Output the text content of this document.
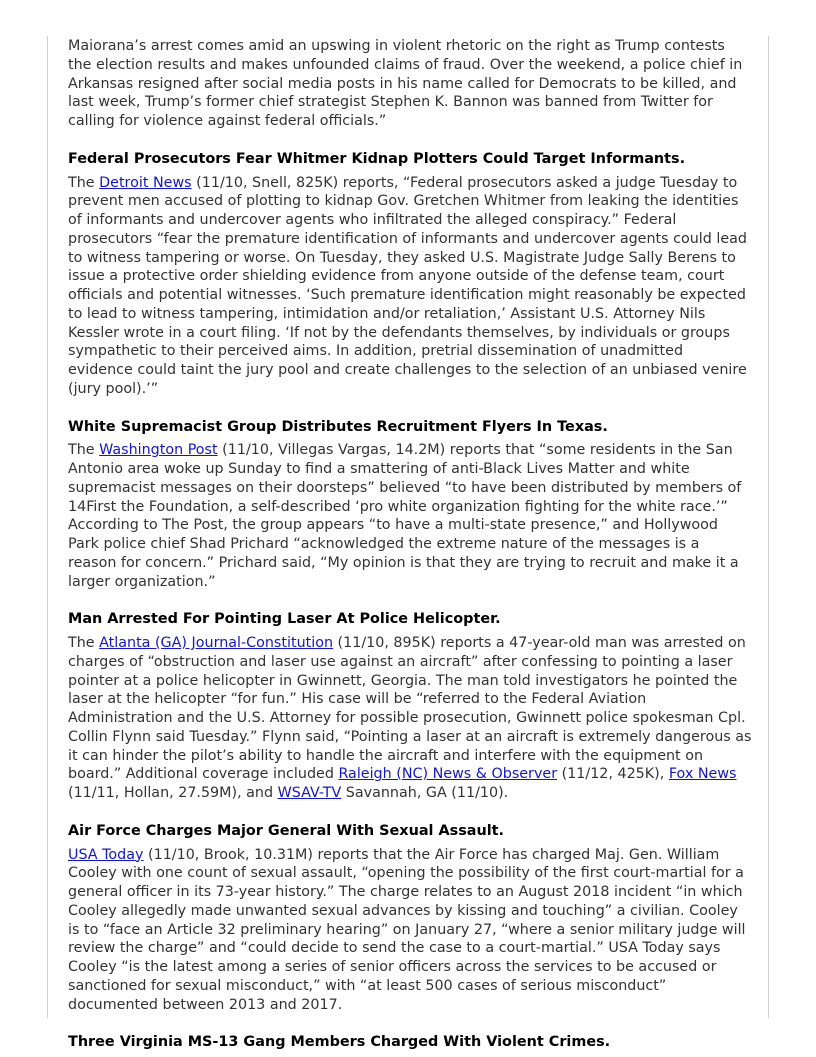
Maiorana’s arrest comes amid an upswing in violent rhetoric on the right as Trump contests the election results and makes unfounded claims of fraud. Over the weekend, a police chief in Arkansas resigned after social media posts in his name called for Democrats to be killed, and last week, Trump’s former chief strategist Stephen K. Bannon was banned from Twitter for calling for violence against federal officials.”

Federal Prosecutors Fear Whitmer Kidnap Plotters Could Target Informants.

The Detroit News (11/10, Snell, 825K) reports, “Federal prosecutors asked a judge Tuesday to prevent men accused of plotting to kidnap Gov. Gretchen Whitmer from leaking the identities of informants and undercover agents who infiltrated the alleged conspiracy.” Federal prosecutors “fear the premature identification of informants and undercover agents could lead to witness tampering or worse. On Tuesday, they asked U.S. Magistrate Judge Sally Berens to issue a protective order shielding evidence from anyone outside of the defense team, court officials and potential witnesses. ‘Such premature identification might reasonably be expected to lead to witness tampering, intimidation and/or retaliation,’ Assistant U.S. Attorney Nils Kessler wrote in a court filing. ‘If not by the defendants themselves, by individuals or groups sympathetic to their perceived aims. In addition, pretrial dissemination of unadmitted evidence could taint the jury pool and create challenges to the selection of an unbiased venire (jury pool).’”

White Supremacist Group Distributes Recruitment Flyers In Texas.

The Washington Post (11/10, Villegas Vargas, 14.2M) reports that “some residents in the San Antonio area woke up Sunday to find a smattering of anti-Black Lives Matter and white supremacist messages on their doorsteps” believed “to have been distributed by members of 14First the Foundation, a self-described ‘pro white organization fighting for the white race.’” According to The Post, the group appears “to have a multi-state presence,” and Hollywood Park police chief Shad Prichard “acknowledged the extreme nature of the messages is a reason for concern.” Prichard said, “My opinion is that they are trying to recruit and make it a larger organization.”

Man Arrested For Pointing Laser At Police Helicopter.

The Atlanta (GA) Journal-Constitution (11/10, 895K) reports a 47-year-old man was arrested on charges of “obstruction and laser use against an aircraft” after confessing to pointing a laser pointer at a police helicopter in Gwinnett, Georgia. The man told investigators he pointed the laser at the helicopter “for fun.” His case will be “referred to the Federal Aviation Administration and the U.S. Attorney for possible prosecution, Gwinnett police spokesman Cpl. Collin Flynn said Tuesday.” Flynn said, “Pointing a laser at an aircraft is extremely dangerous as it can hinder the pilot’s ability to handle the aircraft and interfere with the equipment on board.” Additional coverage included Raleigh (NC) News & Observer (11/12, 425K), Fox News (11/11, Hollan, 27.59M), and WSAV-TV Savannah, GA (11/10).

Air Force Charges Major General With Sexual Assault.

USA Today (11/10, Brook, 10.31M) reports that the Air Force has charged Maj. Gen. William Cooley with one count of sexual assault, “opening the possibility of the first court-martial for a general officer in its 73-year history.” The charge relates to an August 2018 incident “in which Cooley allegedly made unwanted sexual advances by kissing and touching” a civilian. Cooley is to “face an Article 32 preliminary hearing” on January 27, “where a senior military judge will review the charge” and “could decide to send the case to a court-martial.” USA Today says Cooley “is the latest among a series of senior officers across the services to be accused or sanctioned for sexual misconduct,” with “at least 500 cases of serious misconduct” documented between 2013 and 2017.

Three Virginia MS-13 Gang Members Charged With Violent Crimes.
